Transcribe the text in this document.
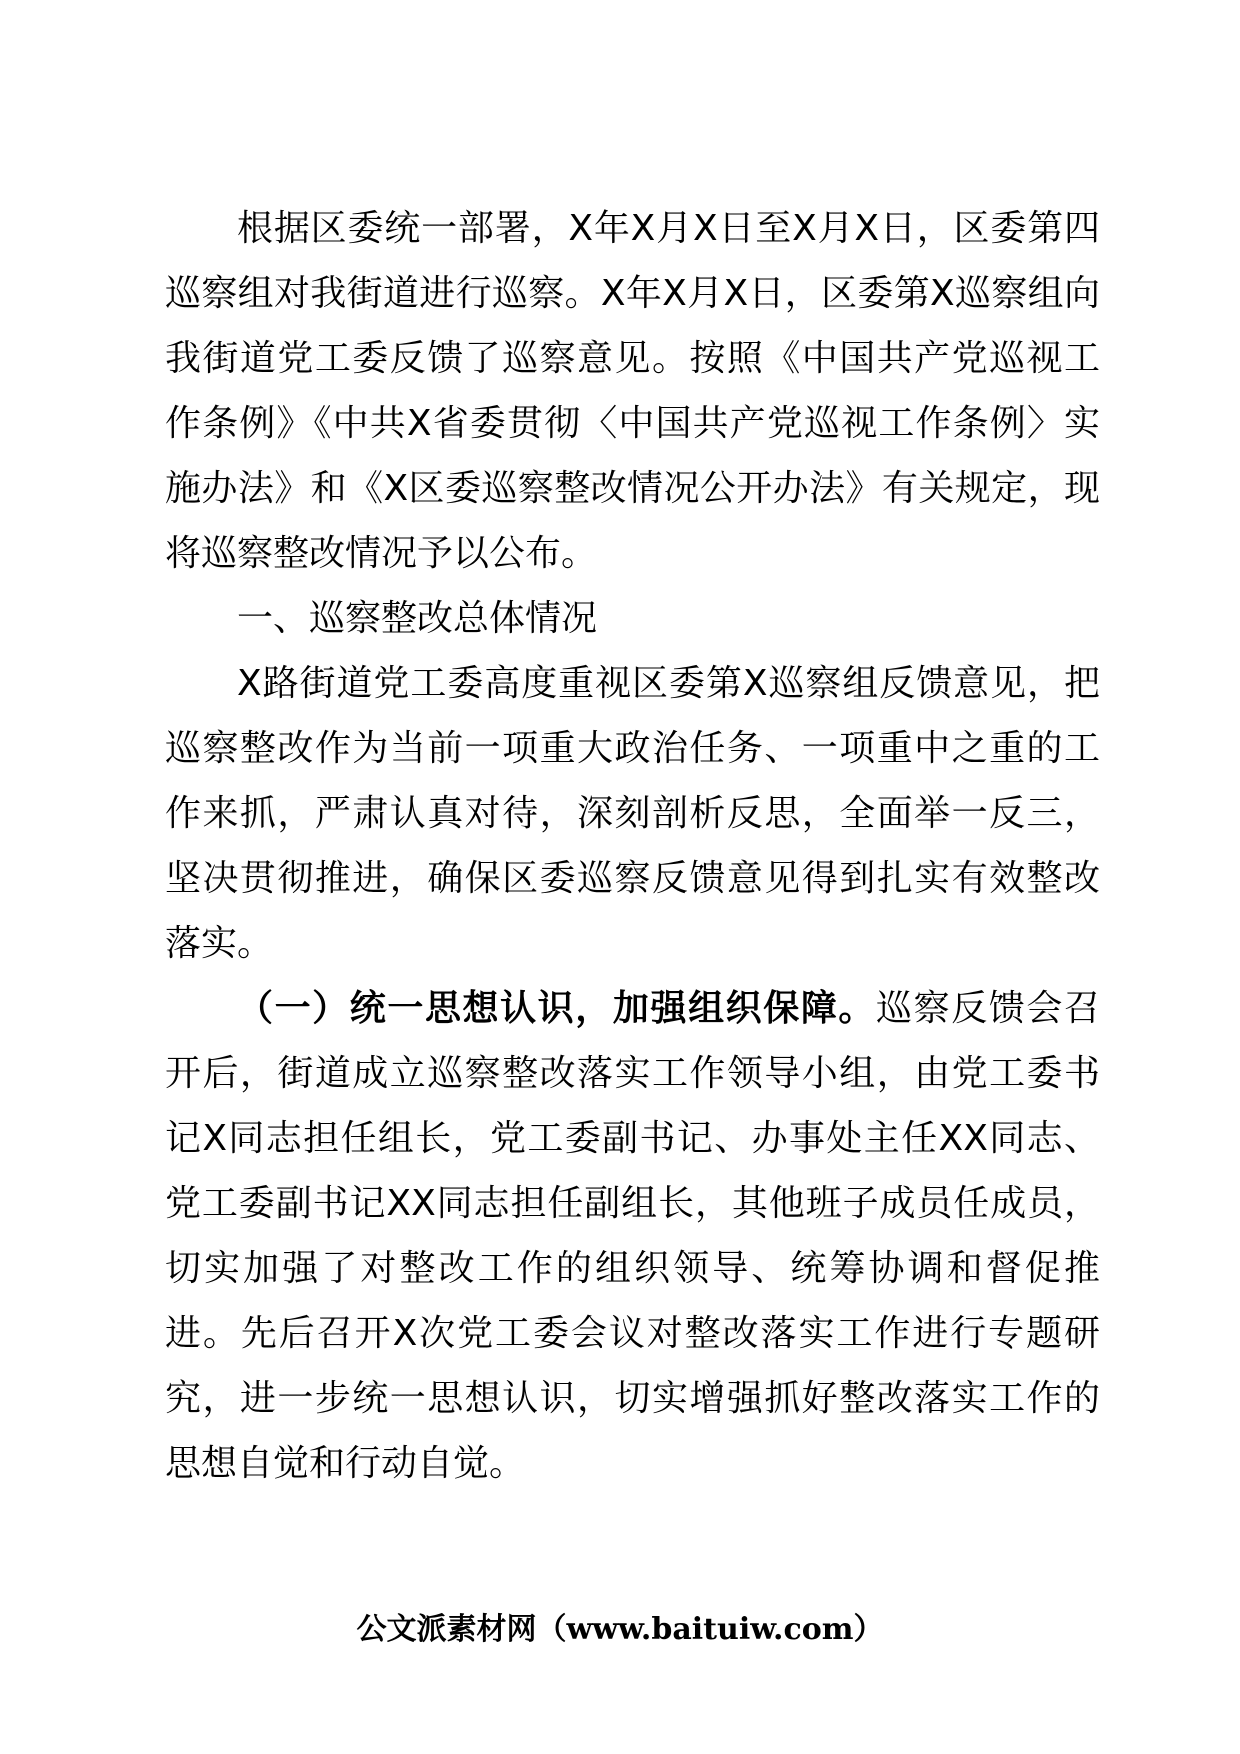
根据区委统一部署，X年X月X日至X月X日，区委第四巡察组对我街道进行巡察。X年X月X日，区委第X巡察组向我街道党工委反馈了巡察意见。按照《中国共产党巡视工作条例》《中共X省委贯彻〈中国共产党巡视工作条例〉实施办法》和《X区委巡察整改情况公开办法》有关规定，现将巡察整改情况予以公布。

一、巡察整改总体情况

X路街道党工委高度重视区委第X巡察组反馈意见，把巡察整改作为当前一项重大政治任务、一项重中之重的工作来抓，严肃认真对待，深刻剖析反思，全面举一反三，坚决贯彻推进，确保区委巡察反馈意见得到扎实有效整改落实。

（一）统一思想认识，加强组织保障。巡察反馈会召开后，街道成立巡察整改落实工作领导小组，由党工委书记X同志担任组长，党工委副书记、办事处主任XX同志、党工委副书记XX同志担任副组长，其他班子成员任成员，切实加强了对整改工作的组织领导、统筹协调和督促推进。先后召开X次党工委会议对整改落实工作进行专题研究，进一步统一思想认识，切实增强抓好整改落实工作的思想自觉和行动自觉。

公文派素材网（www.baituiw.com）
